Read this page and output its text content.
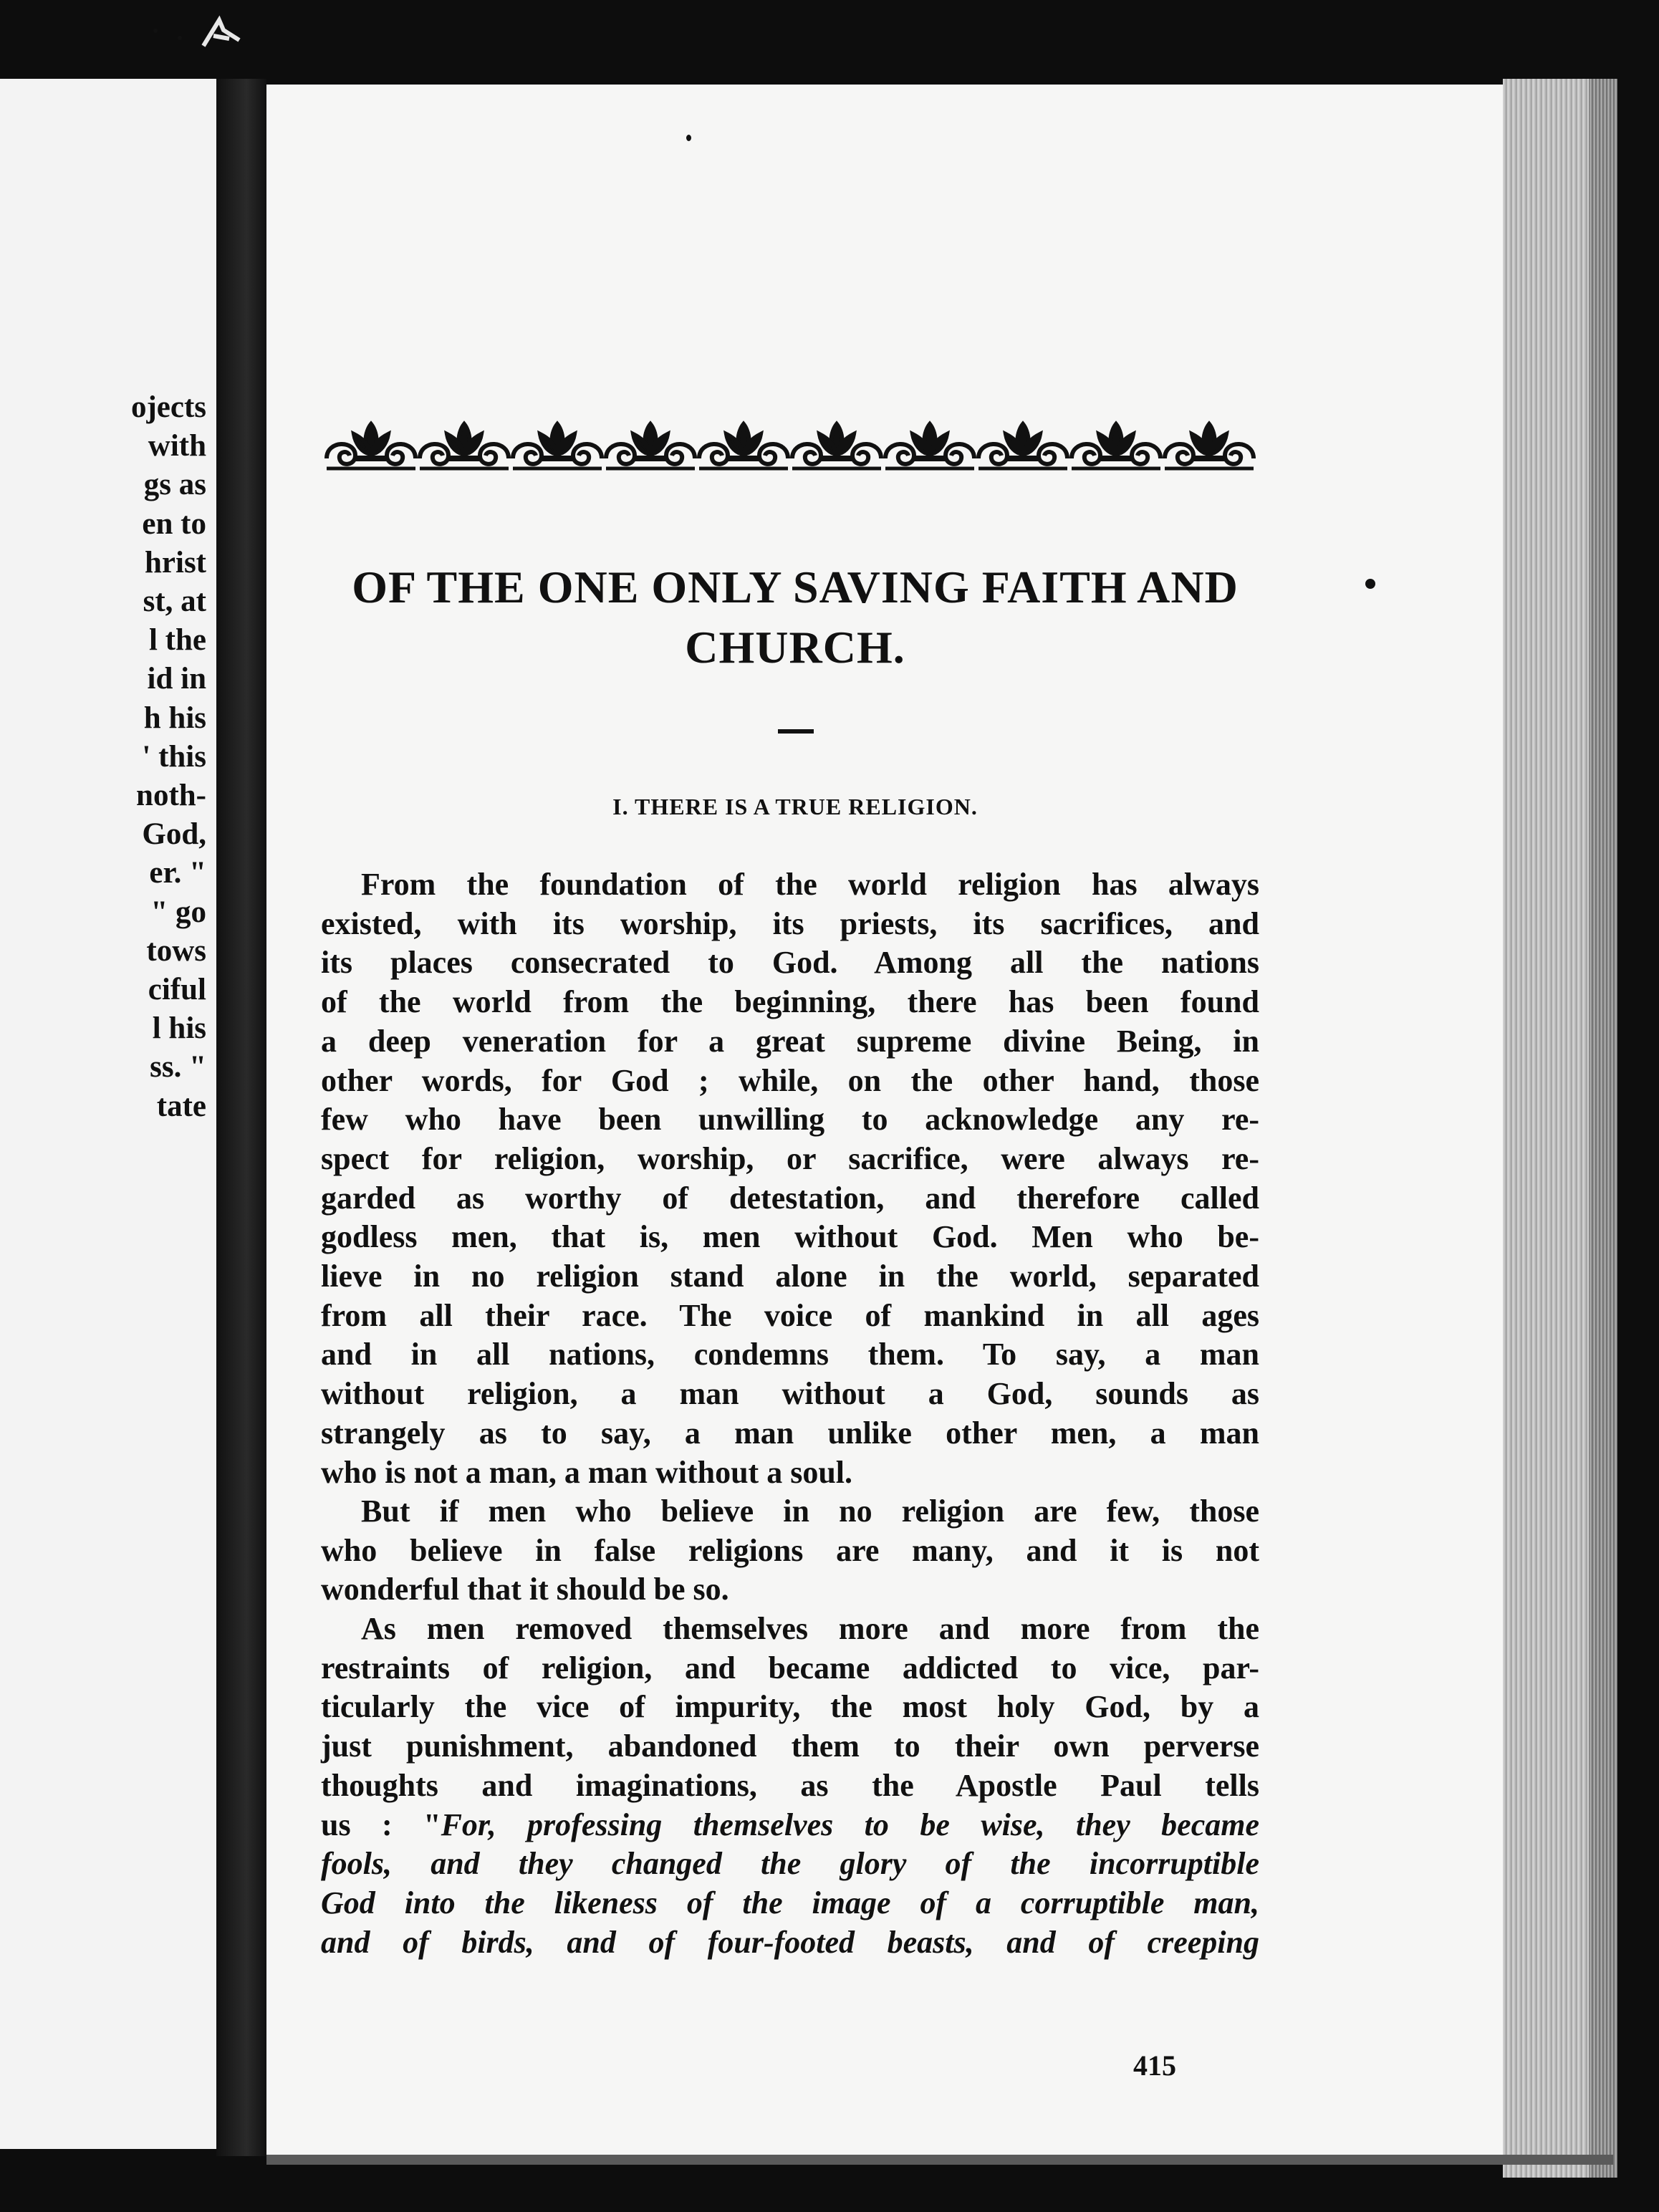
ojects
with
gs as
en to
hrist
st, at
l the
id in
h his
' this
noth-
God,
er. "
" go
tows
ciful
l his
ss. "
tate
OF THE ONE ONLY SAVING FAITH AND
CHURCH.
I. THERE IS A TRUE RELIGION.
From the foundation of the world religion has always
existed, with its worship, its priests, its sacrifices, and
its places consecrated to God. Among all the nations
of the world from the beginning, there has been found
a deep veneration for a great supreme divine Being, in
other words, for God ; while, on the other hand, those
few who have been unwilling to acknowledge any re-
spect for religion, worship, or sacrifice, were always re-
garded as worthy of detestation, and therefore called
godless men, that is, men without God. Men who be-
lieve in no religion stand alone in the world, separated
from all their race. The voice of mankind in all ages
and in all nations, condemns them. To say, a man
without religion, a man without a God, sounds as
strangely as to say, a man unlike other men, a man
who is not a man, a man without a soul.
But if men who believe in no religion are few, those
who believe in false religions are many, and it is not
wonderful that it should be so.
As men removed themselves more and more from the
restraints of religion, and became addicted to vice, par-
ticularly the vice of impurity, the most holy God, by a
just punishment, abandoned them to their own perverse
thoughts and imaginations, as the Apostle Paul tells
us : "For, professing themselves to be wise, they became
fools, and they changed the glory of the incorruptible
God into the likeness of the image of a corruptible man,
and of birds, and of four-footed beasts, and of creeping

415
